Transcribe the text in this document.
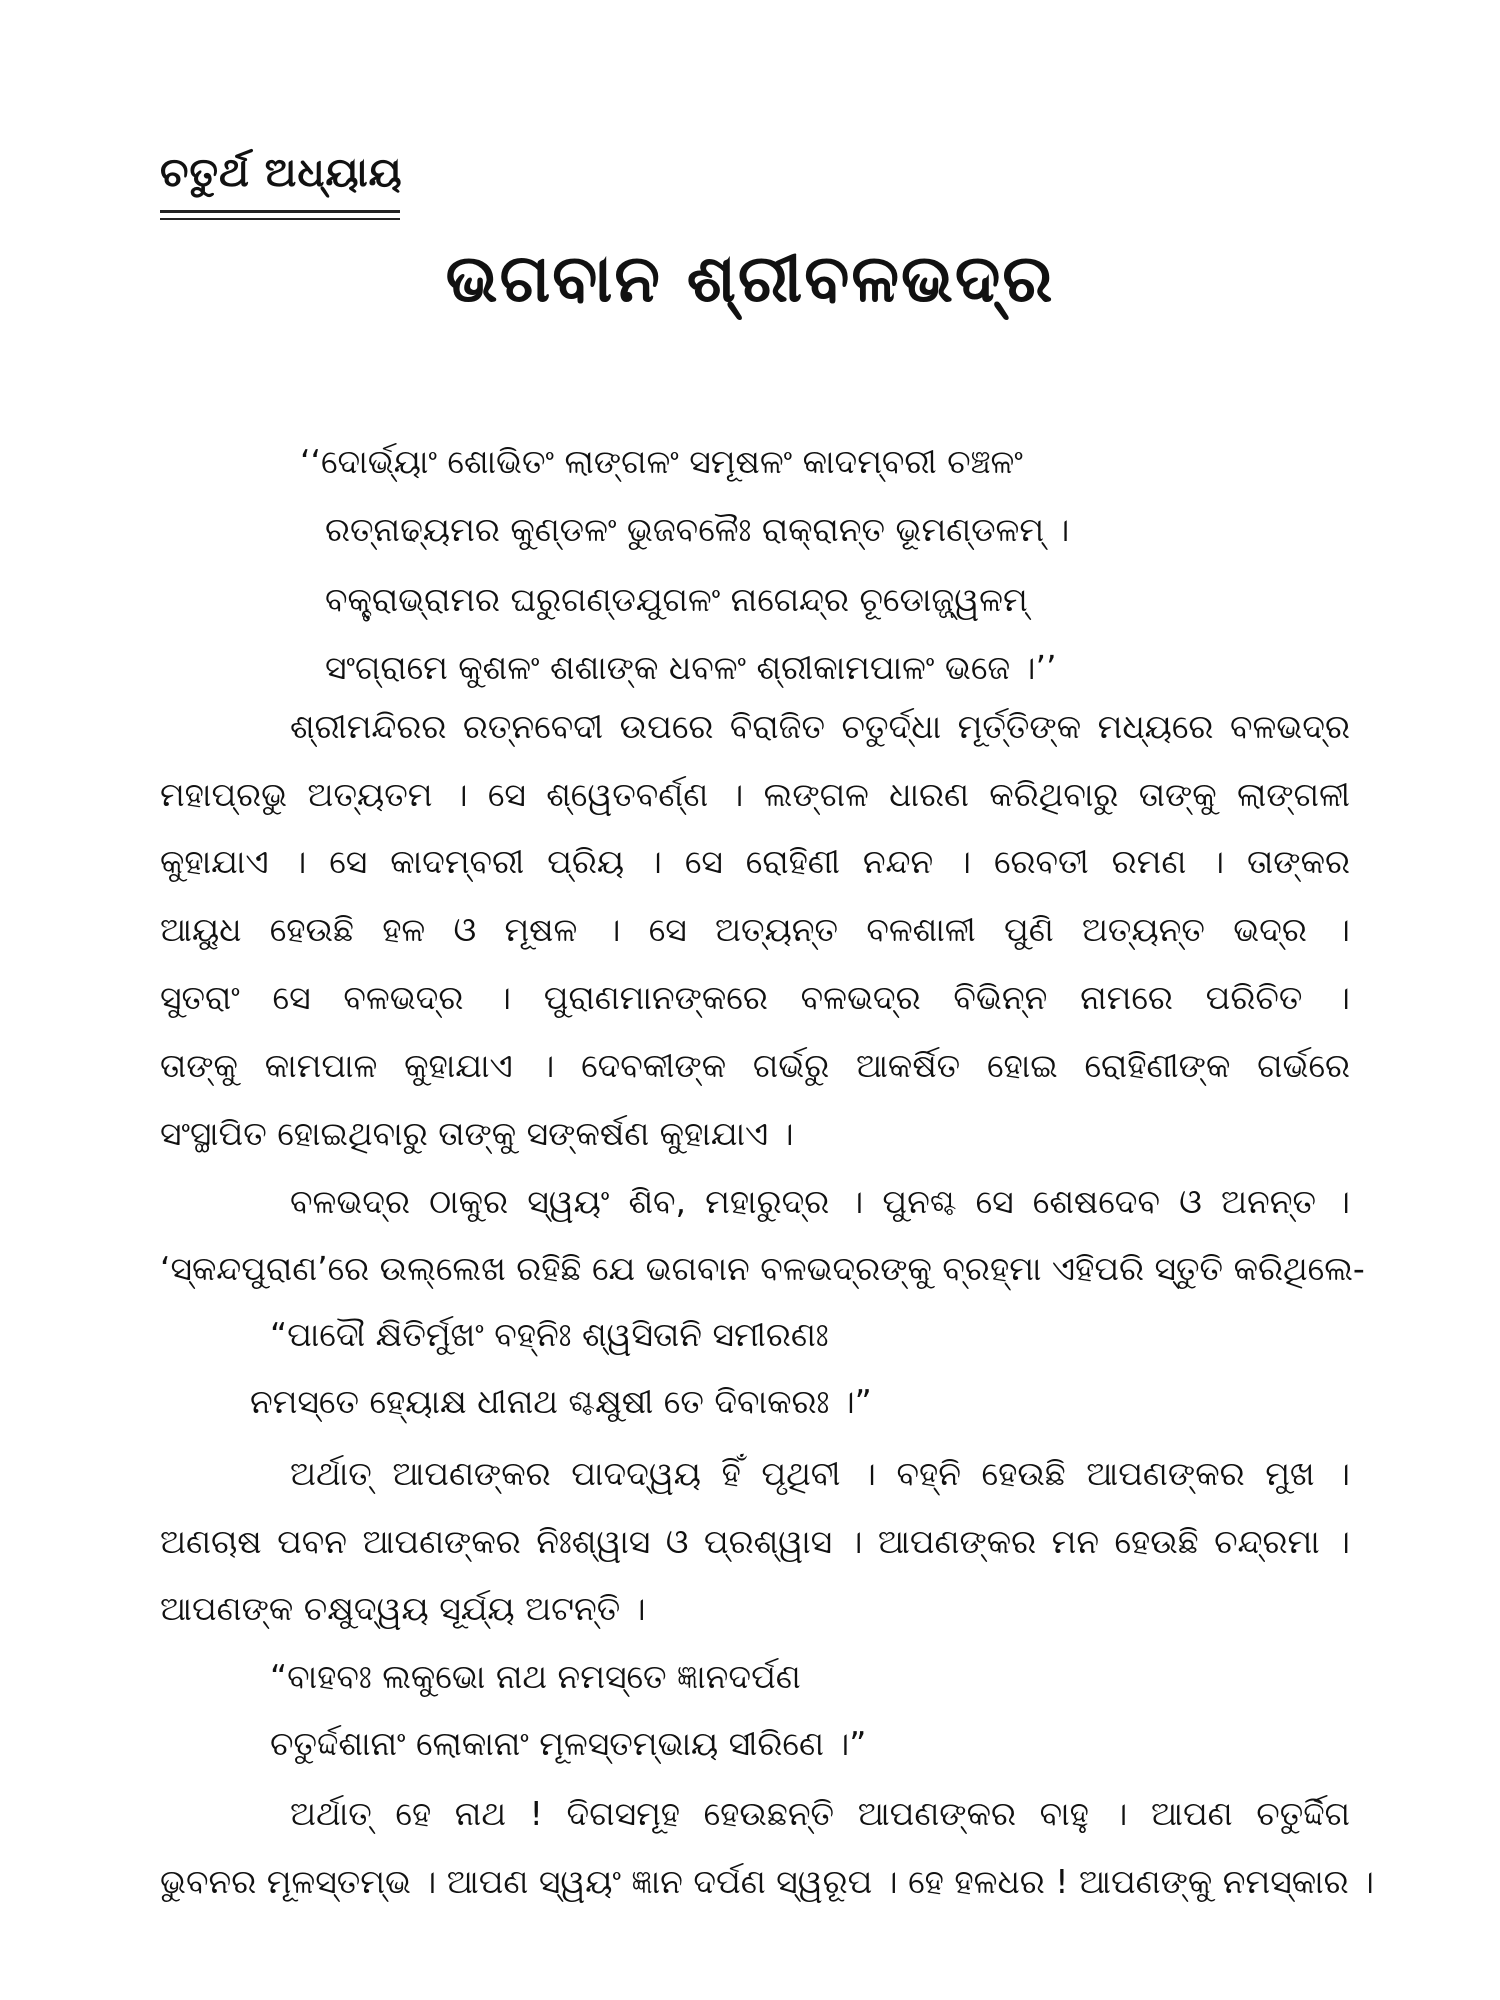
ଚତୁର୍ଥ ଅଧ୍ୟାୟ
ଭଗବାନ ଶ୍ରୀବଳଭଦ୍ର
‘‘ଦୋର୍ଭ୍ୟାଂ ଶୋଭିତଂ ଲାଙ୍ଗଳଂ ସମୂଷଳଂ କାଦମ୍ବରୀ ଚଞ୍ଚଳଂ
ରତ୍ନାଢ୍ୟମର କୁଣ୍ଡଳଂ ଭୁଜବଳୈଃ ରାକ୍ରାନ୍ତ ଭୂମଣ୍ଡଳମ୍ ।
ବକ୍ତ୍ରାଭ୍ରାମର ଘରୁଗଣ୍ଡଯୁଗଳଂ ନାଗେନ୍ଦ୍ର ଚୂଡୋଜ୍ଜ୍ୱଳମ୍
ସଂଗ୍ରାମେ କୁଶଳଂ ଶଶାଙ୍କ ଧବଳଂ ଶ୍ରୀକାମପାଳଂ ଭଜେ ।’’
ଶ୍ରୀମନ୍ଦିରର ରତ୍ନବେଦୀ ଉପରେ ବିରାଜିତ ଚତୁର୍ଦ୍ଧା ମୂର୍ତ୍ତିଙ୍କ ମଧ୍ୟରେ ବଳଭଦ୍ର
ମହାପ୍ରଭୁ ଅତ୍ୟତମ । ସେ ଶ୍ୱେତବର୍ଣ୍ଣ । ଲଙ୍ଗଳ ଧାରଣ କରିଥିବାରୁ ତାଙ୍କୁ ଲାଙ୍ଗଳୀ
କୁହାଯାଏ । ସେ କାଦମ୍ବରୀ ପ୍ରିୟ । ସେ ରୋହିଣୀ ନନ୍ଦନ । ରେବତୀ ରମଣ । ତାଙ୍କର
ଆୟୁଧ ହେଉଛି ହଳ ଓ ମୂଷଳ । ସେ ଅତ୍ୟନ୍ତ ବଳଶାଳୀ ପୁଣି ଅତ୍ୟନ୍ତ ଭଦ୍ର ।
ସୁତରାଂ ସେ ବଳଭଦ୍ର । ପୁରାଣମାନଙ୍କରେ ବଳଭଦ୍ର ବିଭିନ୍ନ ନାମରେ ପରିଚିତ ।
ତାଙ୍କୁ କାମପାଳ କୁହାଯାଏ । ଦେବକୀଙ୍କ ଗର୍ଭରୁ ଆକର୍ଷିତ ହୋଇ ରୋହିଣୀଙ୍କ ଗର୍ଭରେ
ସଂସ୍ଥାପିତ ହୋଇଥିବାରୁ ତାଙ୍କୁ ସଙ୍କର୍ଷଣ କୁହାଯାଏ ।
ବଳଭଦ୍ର ଠାକୁର ସ୍ୱୟଂ ଶିବ, ମହାରୁଦ୍ର । ପୁନଶ୍ଚ ସେ ଶେଷଦେବ ଓ ଅନନ୍ତ ।
‘ସ୍କନ୍ଦପୁରାଣ’ରେ ଉଲ୍ଲେଖ ରହିଛି ଯେ ଭଗବାନ ବଳଭଦ୍ରଙ୍କୁ ବ୍ରହ୍ମା ଏହିପରି ସ୍ତୁତି କରିଥିଲେ-
“ପାଦୌ କ୍ଷିତିର୍ମୁଖଂ ବହ୍ନିଃ ଶ୍ୱସିତାନି ସମୀରଣଃ
ନମସ୍ତେ ହ୍ୟୋକ୍ଷ ଧୀନାଥ ଶ୍ଚକ୍ଷୁଷୀ ତେ ଦିବାକରଃ ।”
ଅର୍ଥାତ୍ ଆପଣଙ୍କର ପାଦଦ୍ୱୟ ହିଁ ପୃଥିବୀ । ବହ୍ନି ହେଉଛି ଆପଣଙ୍କର ମୁଖ ।
ଅଣଚାଷ ପବନ ଆପଣଙ୍କର ନିଃଶ୍ୱାସ ଓ ପ୍ରଶ୍ୱାସ । ଆପଣଙ୍କର ମନ ହେଉଛି ଚନ୍ଦ୍ରମା ।
ଆପଣଙ୍କ ଚକ୍ଷୁଦ୍ୱୟ ସୂର୍ଯ୍ୟ ଅଟନ୍ତି ।
“ବାହବଃ ଲକୁଭୋ ନାଥ ନମସ୍ତେ ଜ୍ଞାନଦର୍ପଣ
ଚତୁର୍ଦ୍ଦଶାନାଂ ଲୋକାନାଂ ମୂଳସ୍ତମ୍ଭାୟ ସୀରିଣେ ।”
ଅର୍ଥାତ୍ ହେ ନାଥ ! ଦିଗସମୂହ ହେଉଛନ୍ତି ଆପଣଙ୍କର ବାହୁ । ଆପଣ ଚତୁର୍ଦ୍ଦିଗ
ଭୁବନର ମୂଳସ୍ତମ୍ଭ । ଆପଣ ସ୍ୱୟଂ ଜ୍ଞାନ ଦର୍ପଣ ସ୍ୱରୂପ । ହେ ହଳଧର ! ଆପଣଙ୍କୁ ନମସ୍କାର ।
